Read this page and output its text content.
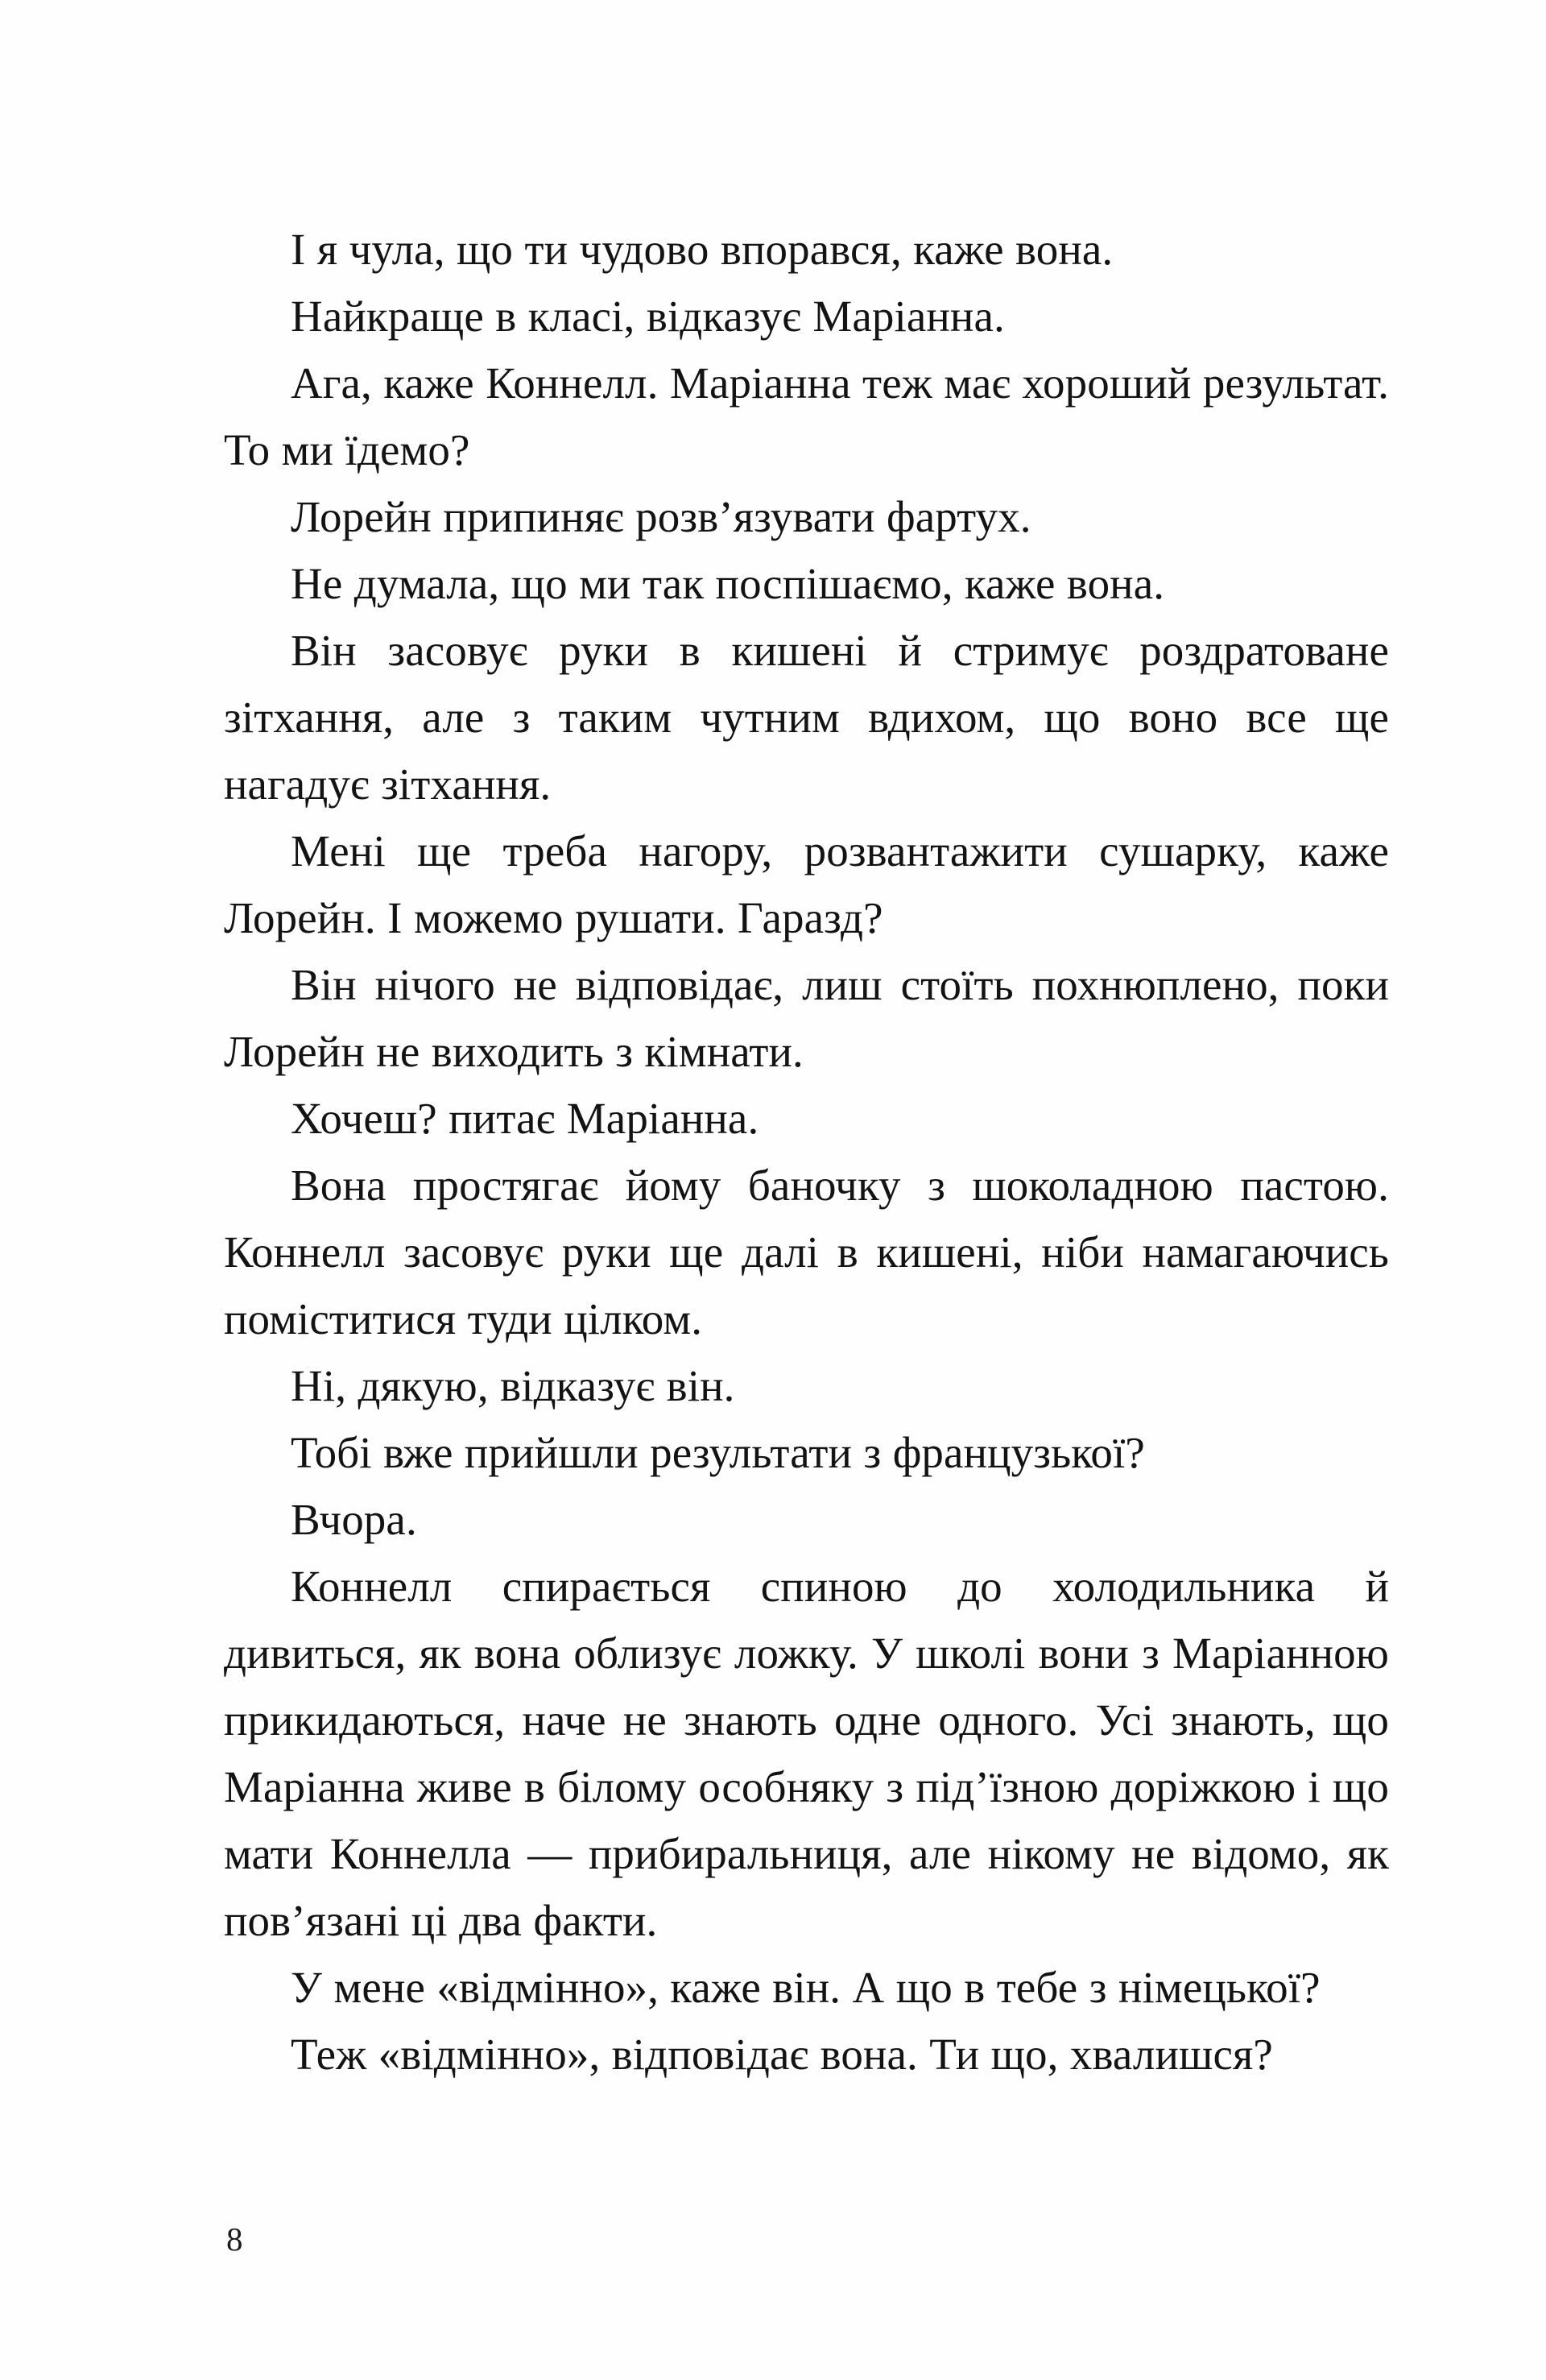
І я чула, що ти чудово впорався, каже вона.

Найкраще в класі, відказує Маріанна.

Ага, каже Коннелл. Маріанна теж має хороший результат. То ми їдемо?

Лорейн припиняє розв’язувати фартух.

Не думала, що ми так поспішаємо, каже вона.

Він засовує руки в кишені й стримує роздратоване зітхання, але з таким чутним вдихом, що воно все ще нагадує зітхання.

Мені ще треба нагору, розвантажити сушарку, каже Лорейн. І можемо рушати. Гаразд?

Він нічого не відповідає, лиш стоїть похнюплено, поки Лорейн не виходить з кімнати.

Хочеш? питає Маріанна.

Вона простягає йому баночку з шоколадною пастою. Коннелл засовує руки ще далі в кишені, ніби намагаючись поміститися туди цілком.

Ні, дякую, відказує він.

Тобі вже прийшли результати з французької?

Вчора.

Коннелл спирається спиною до холодильника й дивиться, як вона облизує ложку. У школі вони з Маріанною прикидаються, наче не знають одне одного. Усі знають, що Маріанна живе в білому особняку з під’їзною доріжкою і що мати Коннелла — прибиральниця, але нікому не відомо, як пов’язані ці два факти.

У мене «відмінно», каже він. А що в тебе з німецької?

Теж «відмінно», відповідає вона. Ти що, хвалишся?

8
